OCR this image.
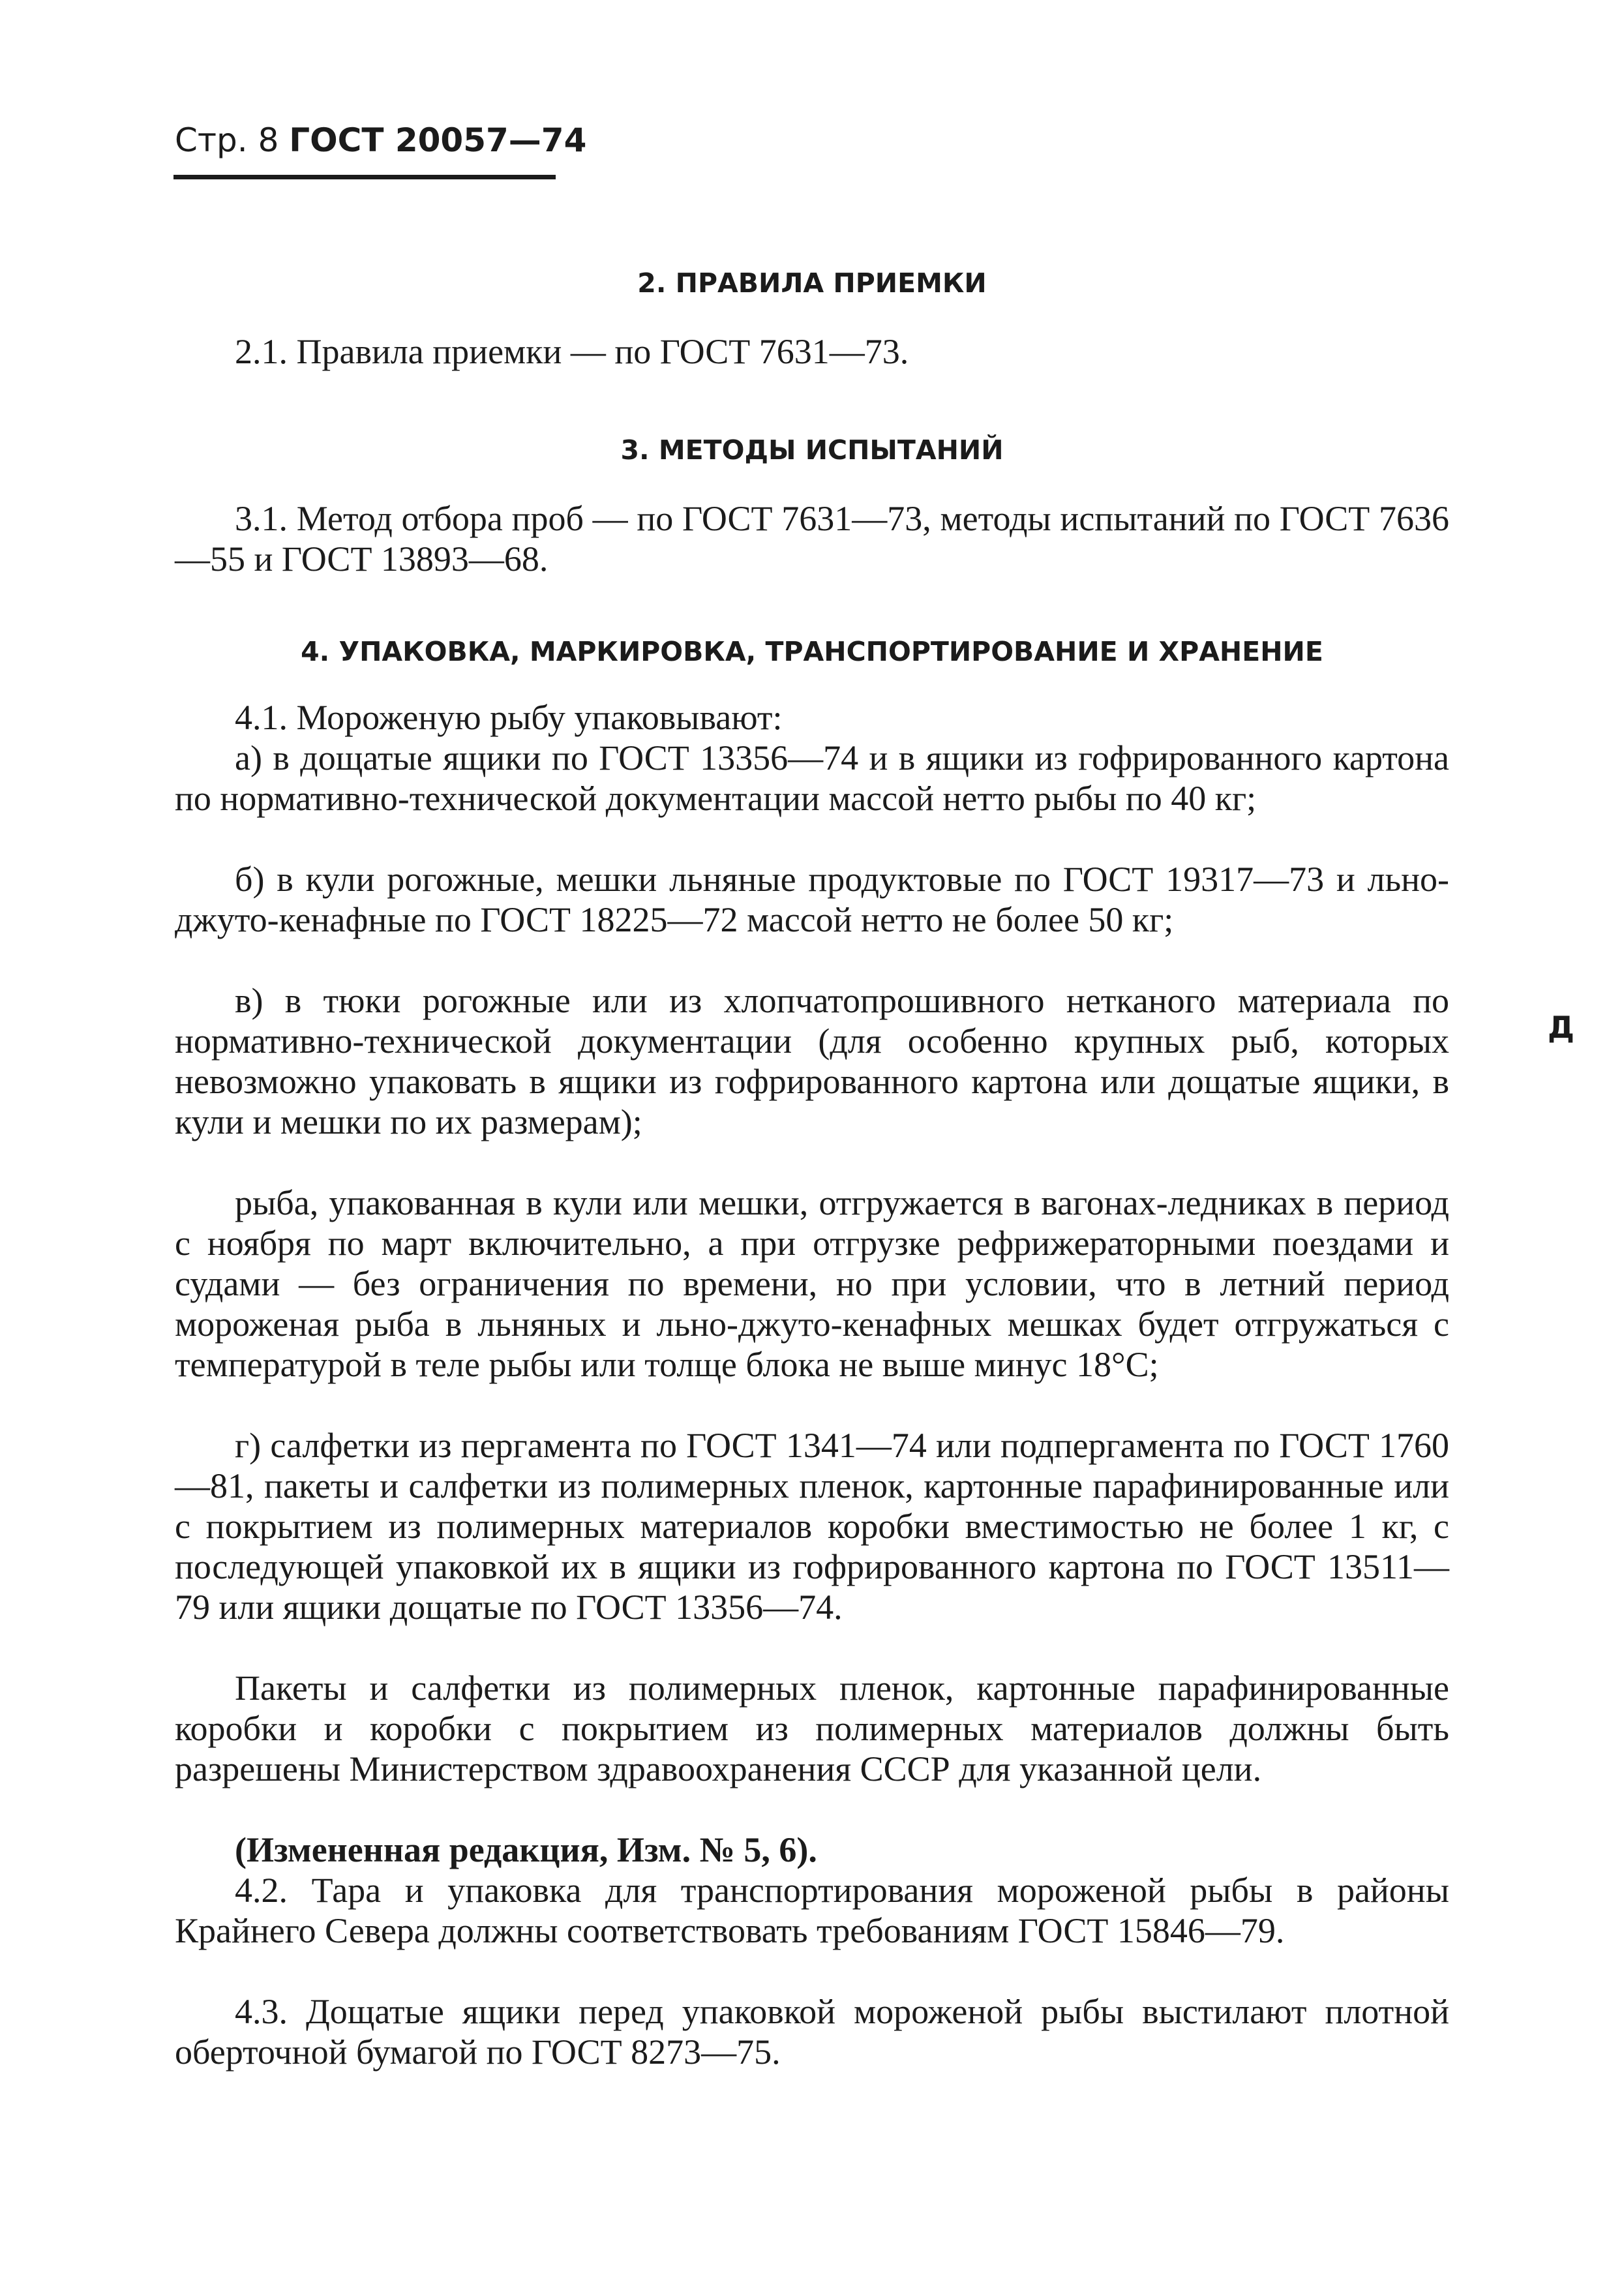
Стр. 8 ГОСТ 20057—74
2. ПРАВИЛА ПРИЕМКИ
2.1. Правила приемки — по ГОСТ 7631—73.
3. МЕТОДЫ ИСПЫТАНИЙ
3.1. Метод отбора проб — по ГОСТ 7631—73, методы испытаний по ГОСТ 7636—55 и ГОСТ 13893—68.
4. УПАКОВКА, МАРКИРОВКА, ТРАНСПОРТИРОВАНИЕ И ХРАНЕНИЕ
4.1. Мороженую рыбу упаковывают:
а) в дощатые ящики по ГОСТ 13356—74 и в ящики из гофрированного картона по нормативно-технической документации массой нетто рыбы по 40 кг;
б) в кули рогожные, мешки льняные продуктовые по ГОСТ 19317—73 и льно-джуто-кенафные по ГОСТ 18225—72 массой нетто не более 50 кг;
в) в тюки рогожные или из хлопчатопрошивного нетканого материала по нормативно-технической документации (для особенно крупных рыб, которых невозможно упаковать в ящики из гофрированного картона или дощатые ящики, в кули и мешки по их размерам);
рыба, упакованная в кули или мешки, отгружается в вагонах-ледниках в период с ноября по март включительно, а при отгрузке рефрижераторными поездами и судами — без ограничения по времени, но при условии, что в летний период мороженая рыба в льняных и льно-джуто-кенафных мешках будет отгружаться с температурой в теле рыбы или толще блока не выше минус 18°С;
г) салфетки из пергамента по ГОСТ 1341—74 или подпергамента по ГОСТ 1760—81, пакеты и салфетки из полимерных пленок, картонные парафинированные или с покрытием из полимерных материалов коробки вместимостью не более 1 кг, с последующей упаковкой их в ящики из гофрированного картона по ГОСТ 13511—79 или ящики дощатые по ГОСТ 13356—74.
Пакеты и салфетки из полимерных пленок, картонные парафинированные коробки и коробки с покрытием из полимерных материалов должны быть разрешены Министерством здравоохранения СССР для указанной цели.
(Измененная редакция, Изм. № 5, 6).
4.2. Тара и упаковка для транспортирования мороженой рыбы в районы Крайнего Севера должны соответствовать требованиям ГОСТ 15846—79.
4.3. Дощатые ящики перед упаковкой мороженой рыбы выстилают плотной оберточной бумагой по ГОСТ 8273—75.
Д
